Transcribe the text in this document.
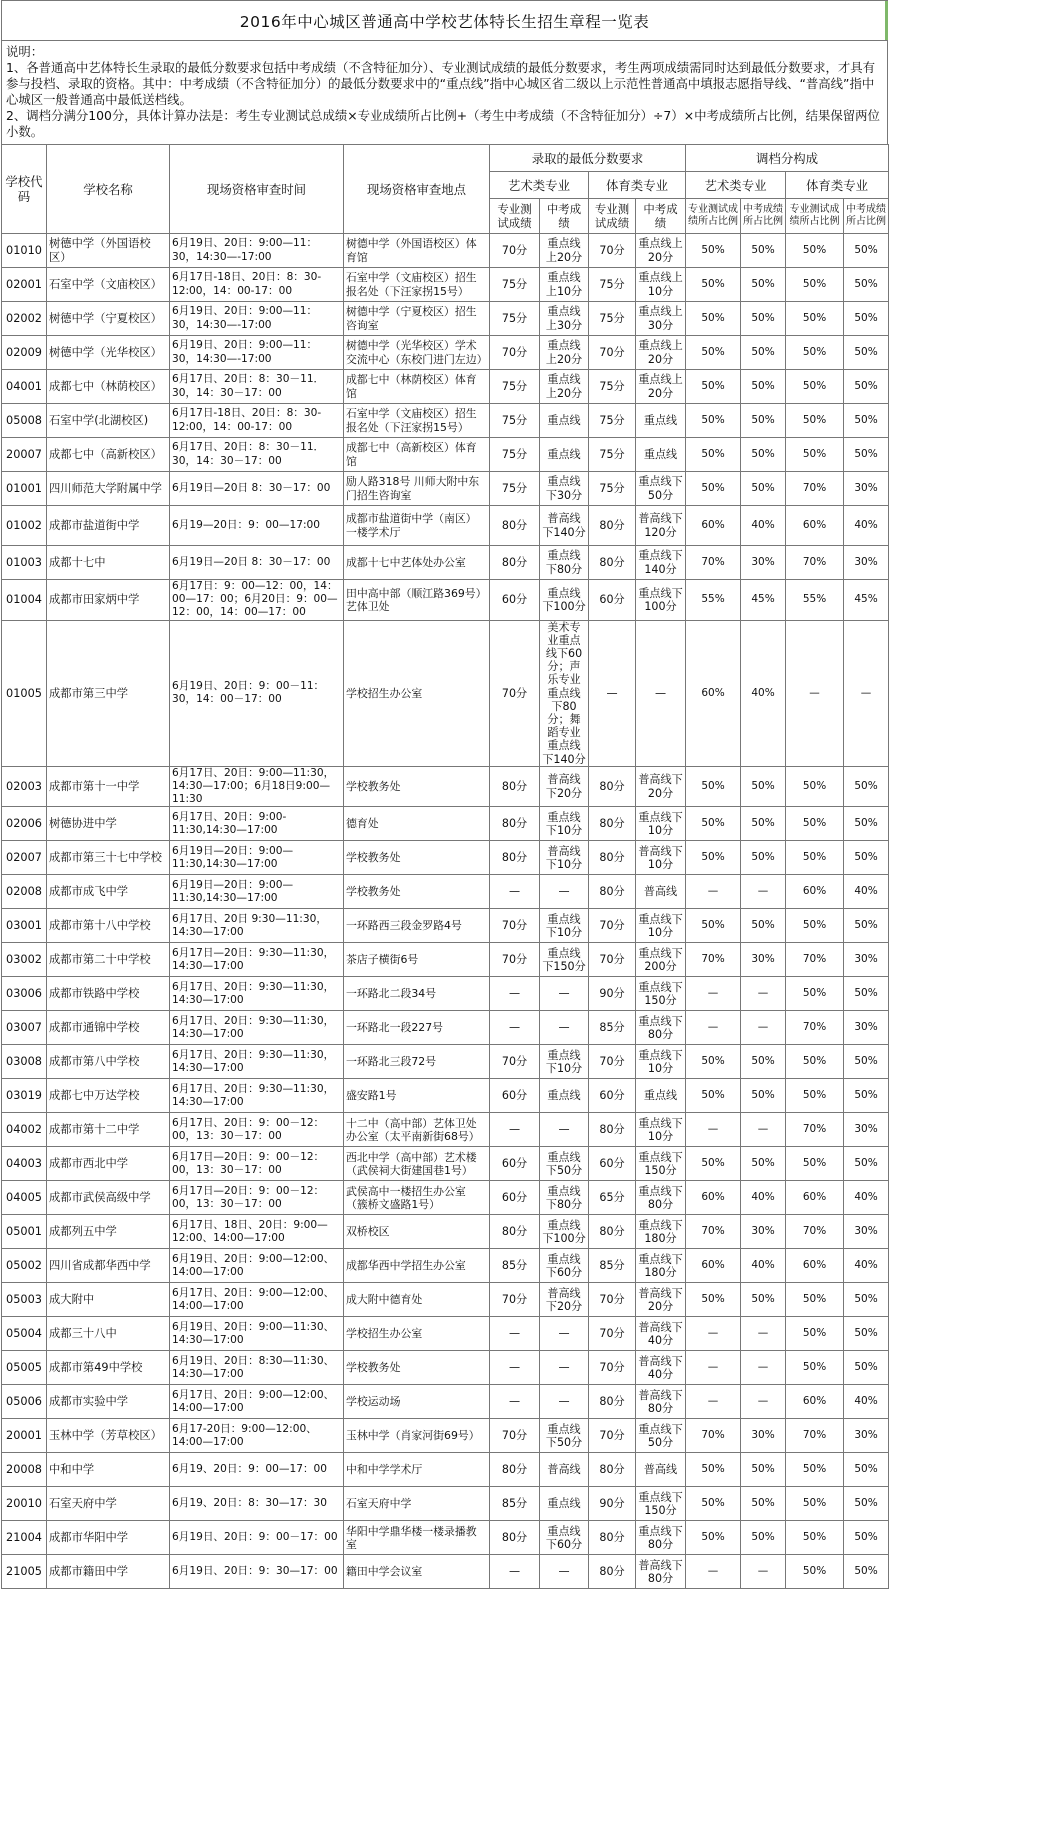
2016年中心城区普通高中学校艺体特长生招生章程一览表

说明：

1、各普通高中艺体特长生录取的最低分数要求包括中考成绩（不含特征加分）、专业测试成绩的最低分数要求，考生两项成绩需同时达到最低分数要求，才具有参与投档、录取的资格。其中：中考成绩（不含特征加分）的最低分数要求中的“重点线”指中心城区省二级以上示范性普通高中填报志愿指导线、“普高线”指中心城区一般普通高中最低送档线。

2、调档分满分100分，具体计算办法是：考生专业测试总成绩×专业成绩所占比例+（考生中考成绩（不含特征加分）÷7）×中考成绩所占比例，结果保留两位小数。

学校代码	学校名称	现场资格审查时间	现场资格审查地点	录取的最低分数要求				调档分构成			
				艺术类专业		体育类专业		艺术类专业		体育类专业	
				专业测试成绩	中考成绩	专业测试成绩	中考成绩	专业测试成绩所占比例	中考成绩所占比例	专业测试成绩所占比例	中考成绩所占比例
01010	树德中学（外国语校区）	6月19日、20日：9:00—11：30，14:30—-17:00	树德中学（外国语校区）体育馆	70分	重点线上20分	70分	重点线上20分	50%	50%	50%	50%
02001	石室中学（文庙校区）	6月17日-18日、20日：8：30-12:00，14：00-17：00	石室中学（文庙校区）招生报名处（下汪家拐15号）	75分	重点线上10分	75分	重点线上10分	50%	50%	50%	50%
02002	树德中学（宁夏校区）	6月19日、20日：9:00—11：30，14:30—-17:00	树德中学（宁夏校区）招生咨询室	75分	重点线上30分	75分	重点线上30分	50%	50%	50%	50%
02009	树德中学（光华校区）	6月19日、20日：9:00—11：30，14:30—-17:00	树德中学（光华校区）学术交流中心（东校门进门左边）	70分	重点线上20分	70分	重点线上20分	50%	50%	50%	50%
04001	成都七中（林荫校区）	6月17日、20日：8：30－11．30，14：30－17：00	成都七中（林荫校区）体育馆	75分	重点线上20分	75分	重点线上20分	50%	50%	50%	50%
05008	石室中学(北湖校区)	6月17日-18日、20日：8：30-12:00，14：00-17：00	石室中学（文庙校区）招生报名处（下汪家拐15号）	75分	重点线	75分	重点线	50%	50%	50%	50%
20007	成都七中（高新校区）	6月17日、20日：8：30－11．30，14：30－17：00	成都七中（高新校区）体育馆	75分	重点线	75分	重点线	50%	50%	50%	50%
01001	四川师范大学附属中学	6月19日—20日 8：30－17：00	励人路318号 川师大附中东门招生咨询室	75分	重点线下30分	75分	重点线下50分	50%	50%	70%	30%
01002	成都市盐道街中学	6月19—20日：9：00—17:00	成都市盐道街中学（南区）一楼学术厅	80分	普高线下140分	80分	普高线下120分	60%	40%	60%	40%
01003	成都十七中	6月19日—20日 8：30－17：00	成都十七中艺体处办公室	80分	重点线下80分	80分	重点线下140分	70%	30%	70%	30%
01004	成都市田家炳中学	6月17日：9：00—12：00，14：00—17：00；6月20日：9：00—12：00，14：00—17：00	田中高中部（顺江路369号）艺体卫处	60分	重点线下100分	60分	重点线下100分	55%	45%	55%	45%
01005	成都市第三中学	6月19日、20日：9：00－11：30，14：00－17：00	学校招生办公室	70分	美术专业重点线下60分；声乐专业重点线下80分；舞蹈专业重点线下140分	—	—	60%	40%	—	—
02003	成都市第十一中学	6月17日、20日：9:00—11:30，14:30—17:00；6月18日9:00—11:30	学校教务处	80分	普高线下20分	80分	普高线下20分	50%	50%	50%	50%
02006	树德协进中学	6月17日、20日：9:00-11:30,14:30—17:00	德育处	80分	重点线下10分	80分	重点线下10分	50%	50%	50%	50%
02007	成都市第三十七中学校	6月19日—20日：9:00—11:30,14:30—17:00	学校教务处	80分	普高线下10分	80分	普高线下10分	50%	50%	50%	50%
02008	成都市成飞中学	6月19日—20日：9:00—11:30,14:30—17:00	学校教务处	—	—	80分	普高线	—	—	60%	40%
03001	成都市第十八中学校	6月17日、20日 9:30—11:30，14:30—17:00	一环路西三段金罗路4号	70分	重点线下10分	70分	重点线下10分	50%	50%	50%	50%
03002	成都市第二十中学校	6月17日—20日：9:30—11:30，14:30—17:00	茶店子横街6号	70分	重点线下150分	70分	重点线下200分	70%	30%	70%	30%
03006	成都市铁路中学校	6月17日、20日：9:30—11:30，14:30—17:00	一环路北二段34号	—	—	90分	重点线下150分	—	—	50%	50%
03007	成都市通锦中学校	6月17日、20日：9:30—11:30，14:30—17:00	一环路北一段227号	—	—	85分	重点线下80分	—	—	70%	30%
03008	成都市第八中学校	6月17日、20日：9:30—11:30，14:30—17:00	一环路北三段72号	70分	重点线下10分	70分	重点线下10分	50%	50%	50%	50%
03019	成都七中万达学校	6月17日、20日：9:30—11:30，14:30—17:00	盛安路1号	60分	重点线	60分	重点线	50%	50%	50%	50%
04002	成都市第十二中学	6月17日、20日：9：00－12：00，13：30－17：00	十二中（高中部）艺体卫处办公室（太平南新街68号）	—	—	80分	重点线下10分	—	—	70%	30%
04003	成都市西北中学	6月17日—20日：9：00－12：00，13：30－17：00	西北中学（高中部）艺术楼（武侯祠大街建国巷1号）	60分	重点线下50分	60分	重点线下150分	50%	50%	50%	50%
04005	成都市武侯高级中学	6月17日—20日：9：00－12：00，13：30－17：00	武侯高中一楼招生办公室（簇桥文盛路1号）	60分	重点线下80分	65分	重点线下80分	60%	40%	60%	40%
05001	成都列五中学	6月17日、18日、20日：9:00—12:00、14:00—17:00	双桥校区	80分	重点线下100分	80分	重点线下180分	70%	30%	70%	30%
05002	四川省成都华西中学	6月19日、20日：9:00—12:00、14:00—17:00	成都华西中学招生办公室	85分	重点线下60分	85分	重点线下180分	60%	40%	60%	40%
05003	成大附中	6月17日、20日：9:00—12:00、14:00—17:00	成大附中德育处	70分	普高线下20分	70分	普高线下20分	50%	50%	50%	50%
05004	成都三十八中	6月19日、20日：9:00—11:30、14:30—17:00	学校招生办公室	—	—	70分	普高线下40分	—	—	50%	50%
05005	成都市第49中学校	6月19日、20日：8:30—11:30、14:30—17:00	学校教务处	—	—	70分	普高线下40分	—	—	50%	50%
05006	成都市实验中学	6月17日、20日：9:00—12:00、14:00—17:00	学校运动场	—	—	80分	普高线下80分	—	—	60%	40%
20001	玉林中学（芳草校区）	6月17-20日：9:00—12:00、14:00—17:00	玉林中学（肖家河街69号）	70分	重点线下50分	70分	重点线下50分	70%	30%	70%	30%
20008	中和中学	6月19、20日：9：00—17：00	中和中学学术厅	80分	普高线	80分	普高线	50%	50%	50%	50%
20010	石室天府中学	6月19、20日：8：30—17：30	石室天府中学	85分	重点线	90分	重点线下150分	50%	50%	50%	50%
21004	成都市华阳中学	6月19日、20日：9：00－17：00	华阳中学鼎华楼一楼录播教室	80分	重点线下60分	80分	重点线下80分	50%	50%	50%	50%
21005	成都市籍田中学	6月19日、20日：9：30—17：00	籍田中学会议室	—	—	80分	普高线下80分	—	—	50%	50%
